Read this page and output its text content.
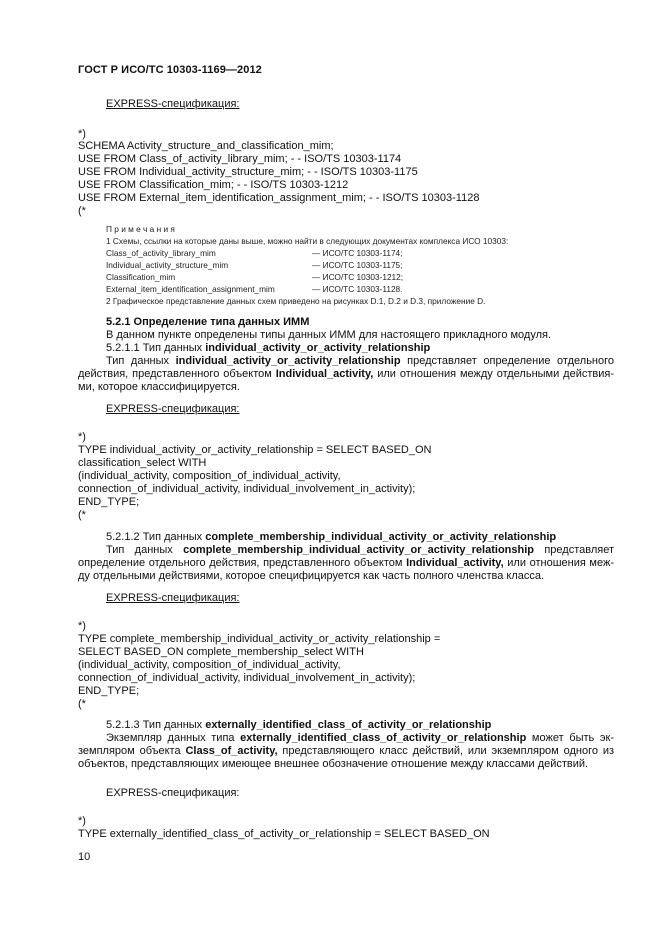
ГОСТ Р ИСО/ТС 10303-1169—2012
EXPRESS-спецификация:
*)
SCHEMA Activity_structure_and_classification_mim;
USE FROM Class_of_activity_library_mim; - - ISO/TS 10303-1174
USE FROM Individual_activity_structure_mim; - - ISO/TS 10303-1175
USE FROM Classification_mim; - - ISO/TS 10303-1212
USE FROM External_item_identification_assignment_mim; - - ISO/TS 10303-1128
(*
П р и м е ч а н и я
1 Схемы, ссылки на которые даны выше, можно найти в следующих документах комплекса ИСО 10303:
Class_of_activity_library_mim	— ИСО/ТС 10303-1174;
Individual_activity_structure_mim	— ИСО/ТС 10303-1175;
Classification_mim	— ИСО/ТС 10303-1212;
External_item_identification_assignment_mim	— ИСО/ТС 10303-1128.
2 Графическое представление данных схем приведено на рисунках D.1, D.2 и D.3, приложение D.
5.2.1 Определение типа данных ИММ
В данном пункте определены типы данных ИММ для настоящего прикладного модуля.
5.2.1.1 Тип данных individual_activity_or_activity_relationship
Тип данных individual_activity_or_activity_relationship представляет определение отдельного действия, представленного объектом Individual_activity, или отношения между отдельными действия-ми, которое классифицируется.
EXPRESS-спецификация:
*)
TYPE individual_activity_or_activity_relationship = SELECT BASED_ON
classification_select WITH
(individual_activity, composition_of_individual_activity,
connection_of_individual_activity, individual_involvement_in_activity);
END_TYPE;
(*
5.2.1.2 Тип данных complete_membership_individual_activity_or_activity_relationship
Тип данных complete_membership_individual_activity_or_activity_relationship представляет определение отдельного действия, представленного объектом Individual_activity, или отношения меж-ду отдельными действиями, которое специфицируется как часть полного членства класса.
EXPRESS-спецификация:
*)
TYPE complete_membership_individual_activity_or_activity_relationship =
SELECT BASED_ON complete_membership_select WITH
(individual_activity, composition_of_individual_activity,
connection_of_individual_activity, individual_involvement_in_activity);
END_TYPE;
(*
5.2.1.3 Тип данных externally_identified_class_of_activity_or_relationship
Экземпляр данных типа externally_identified_class_of_activity_or_relationship может быть эк-земпляром объекта Class_of_activity, представляющего класс действий, или экземпляром одного из объектов, представляющих имеющее внешнее обозначение отношение между классами действий.
EXPRESS-спецификация:
*)
TYPE externally_identified_class_of_activity_or_relationship = SELECT BASED_ON
10
